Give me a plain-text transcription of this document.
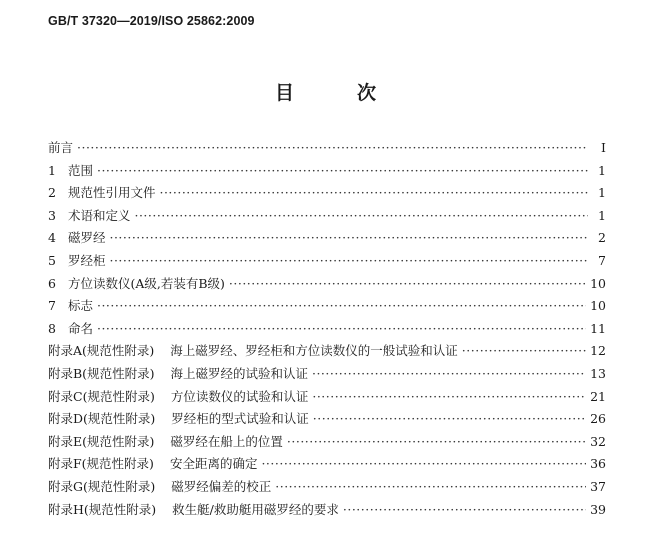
GB/T 37320—2019/ISO 25862:2009
目　次
前言 ·····	Ⅰ
1 范围 ·····	1
2 规范性引用文件 ·····	1
3 术语和定义 ·····	1
4 磁罗经 ·····	2
5 罗经柜 ·····	7
6 方位读数仪(A级,若装有B级) ·····	10
7 标志 ·····	10
8 命名 ·····	11
附录A(规范性附录) 海上磁罗经、罗经柜和方位读数仪的一般试验和认证 ·····	12
附录B(规范性附录) 海上磁罗经的试验和认证 ·····	13
附录C(规范性附录) 方位读数仪的试验和认证 ·····	21
附录D(规范性附录) 罗经柜的型式试验和认证 ·····	26
附录E(规范性附录) 磁罗经在船上的位置 ·····	32
附录F(规范性附录) 安全距离的确定 ·····	36
附录G(规范性附录) 磁罗经偏差的校正 ·····	37
附录H(规范性附录) 救生艇/救助艇用磁罗经的要求 ·····	39
